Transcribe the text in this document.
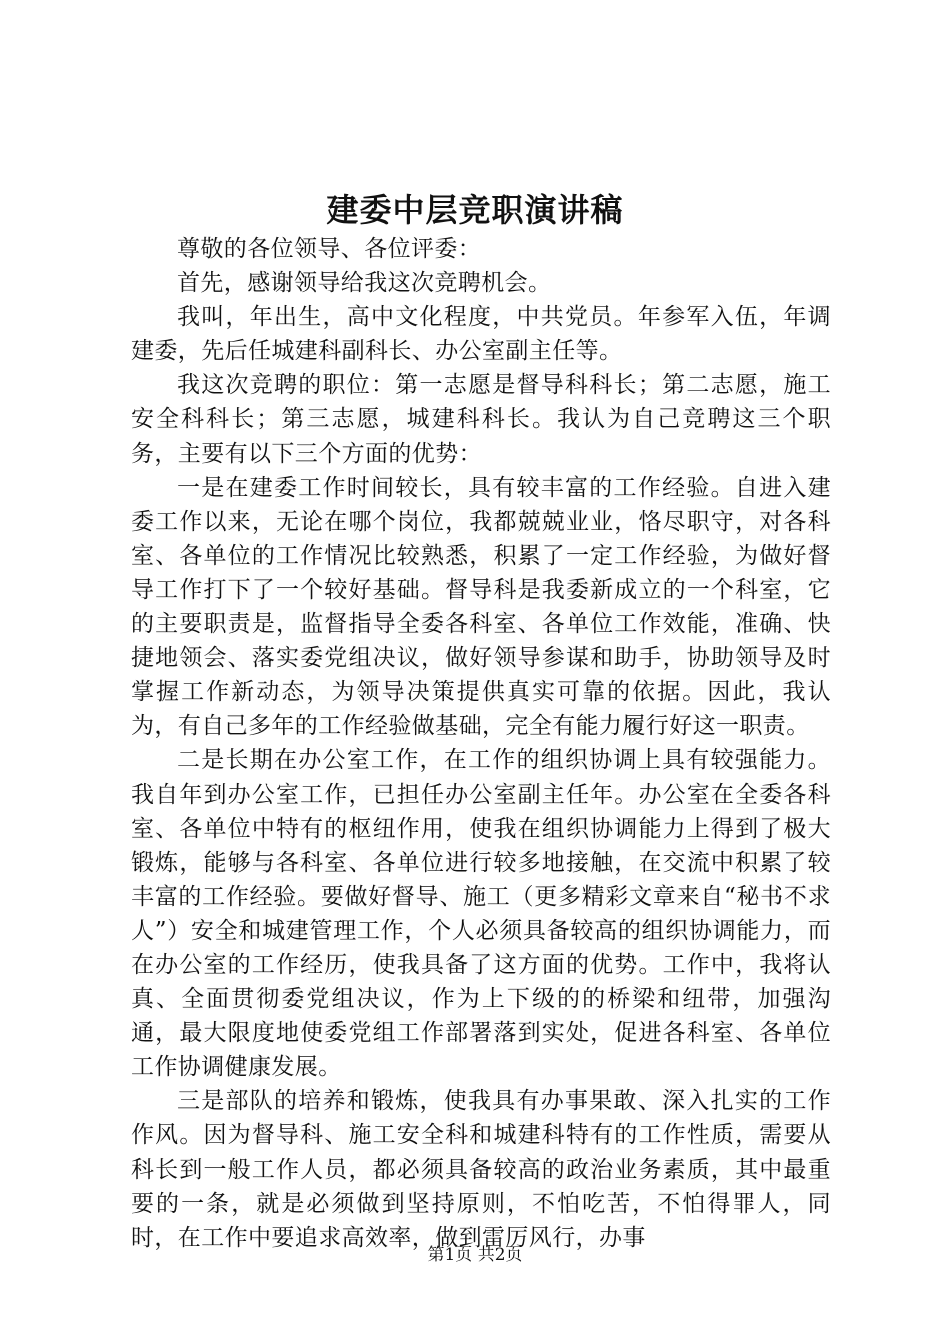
建委中层竞职演讲稿

尊敬的各位领导、各位评委：

首先，感谢领导给我这次竞聘机会。

我叫，年出生，高中文化程度，中共党员。年参军入伍，年调建委，先后任城建科副科长、办公室副主任等。

我这次竞聘的职位：第一志愿是督导科科长；第二志愿，施工安全科科长；第三志愿，城建科科长。我认为自己竞聘这三个职务，主要有以下三个方面的优势：

一是在建委工作时间较长，具有较丰富的工作经验。自进入建委工作以来，无论在哪个岗位，我都兢兢业业，恪尽职守，对各科室、各单位的工作情况比较熟悉，积累了一定工作经验，为做好督导工作打下了一个较好基础。督导科是我委新成立的一个科室，它的主要职责是，监督指导全委各科室、各单位工作效能，准确、快捷地领会、落实委党组决议，做好领导参谋和助手，协助领导及时掌握工作新动态，为领导决策提供真实可靠的依据。因此，我认为，有自己多年的工作经验做基础，完全有能力履行好这一职责。

二是长期在办公室工作，在工作的组织协调上具有较强能力。我自年到办公室工作，已担任办公室副主任年。办公室在全委各科室、各单位中特有的枢纽作用，使我在组织协调能力上得到了极大锻炼，能够与各科室、各单位进行较多地接触，在交流中积累了较丰富的工作经验。要做好督导、施工（更多精彩文章来自“秘书不求人”）安全和城建管理工作，个人必须具备较高的组织协调能力，而在办公室的工作经历，使我具备了这方面的优势。工作中，我将认真、全面贯彻委党组决议，作为上下级的的桥梁和纽带，加强沟通，最大限度地使委党组工作部署落到实处，促进各科室、各单位工作协调健康发展。

三是部队的培养和锻炼，使我具有办事果敢、深入扎实的工作作风。因为督导科、施工安全科和城建科特有的工作性质，需要从科长到一般工作人员，都必须具备较高的政治业务素质，其中最重要的一条，就是必须做到坚持原则，不怕吃苦，不怕得罪人，同时，在工作中要追求高效率，做到雷厉风行，办事

第1页 共2页
